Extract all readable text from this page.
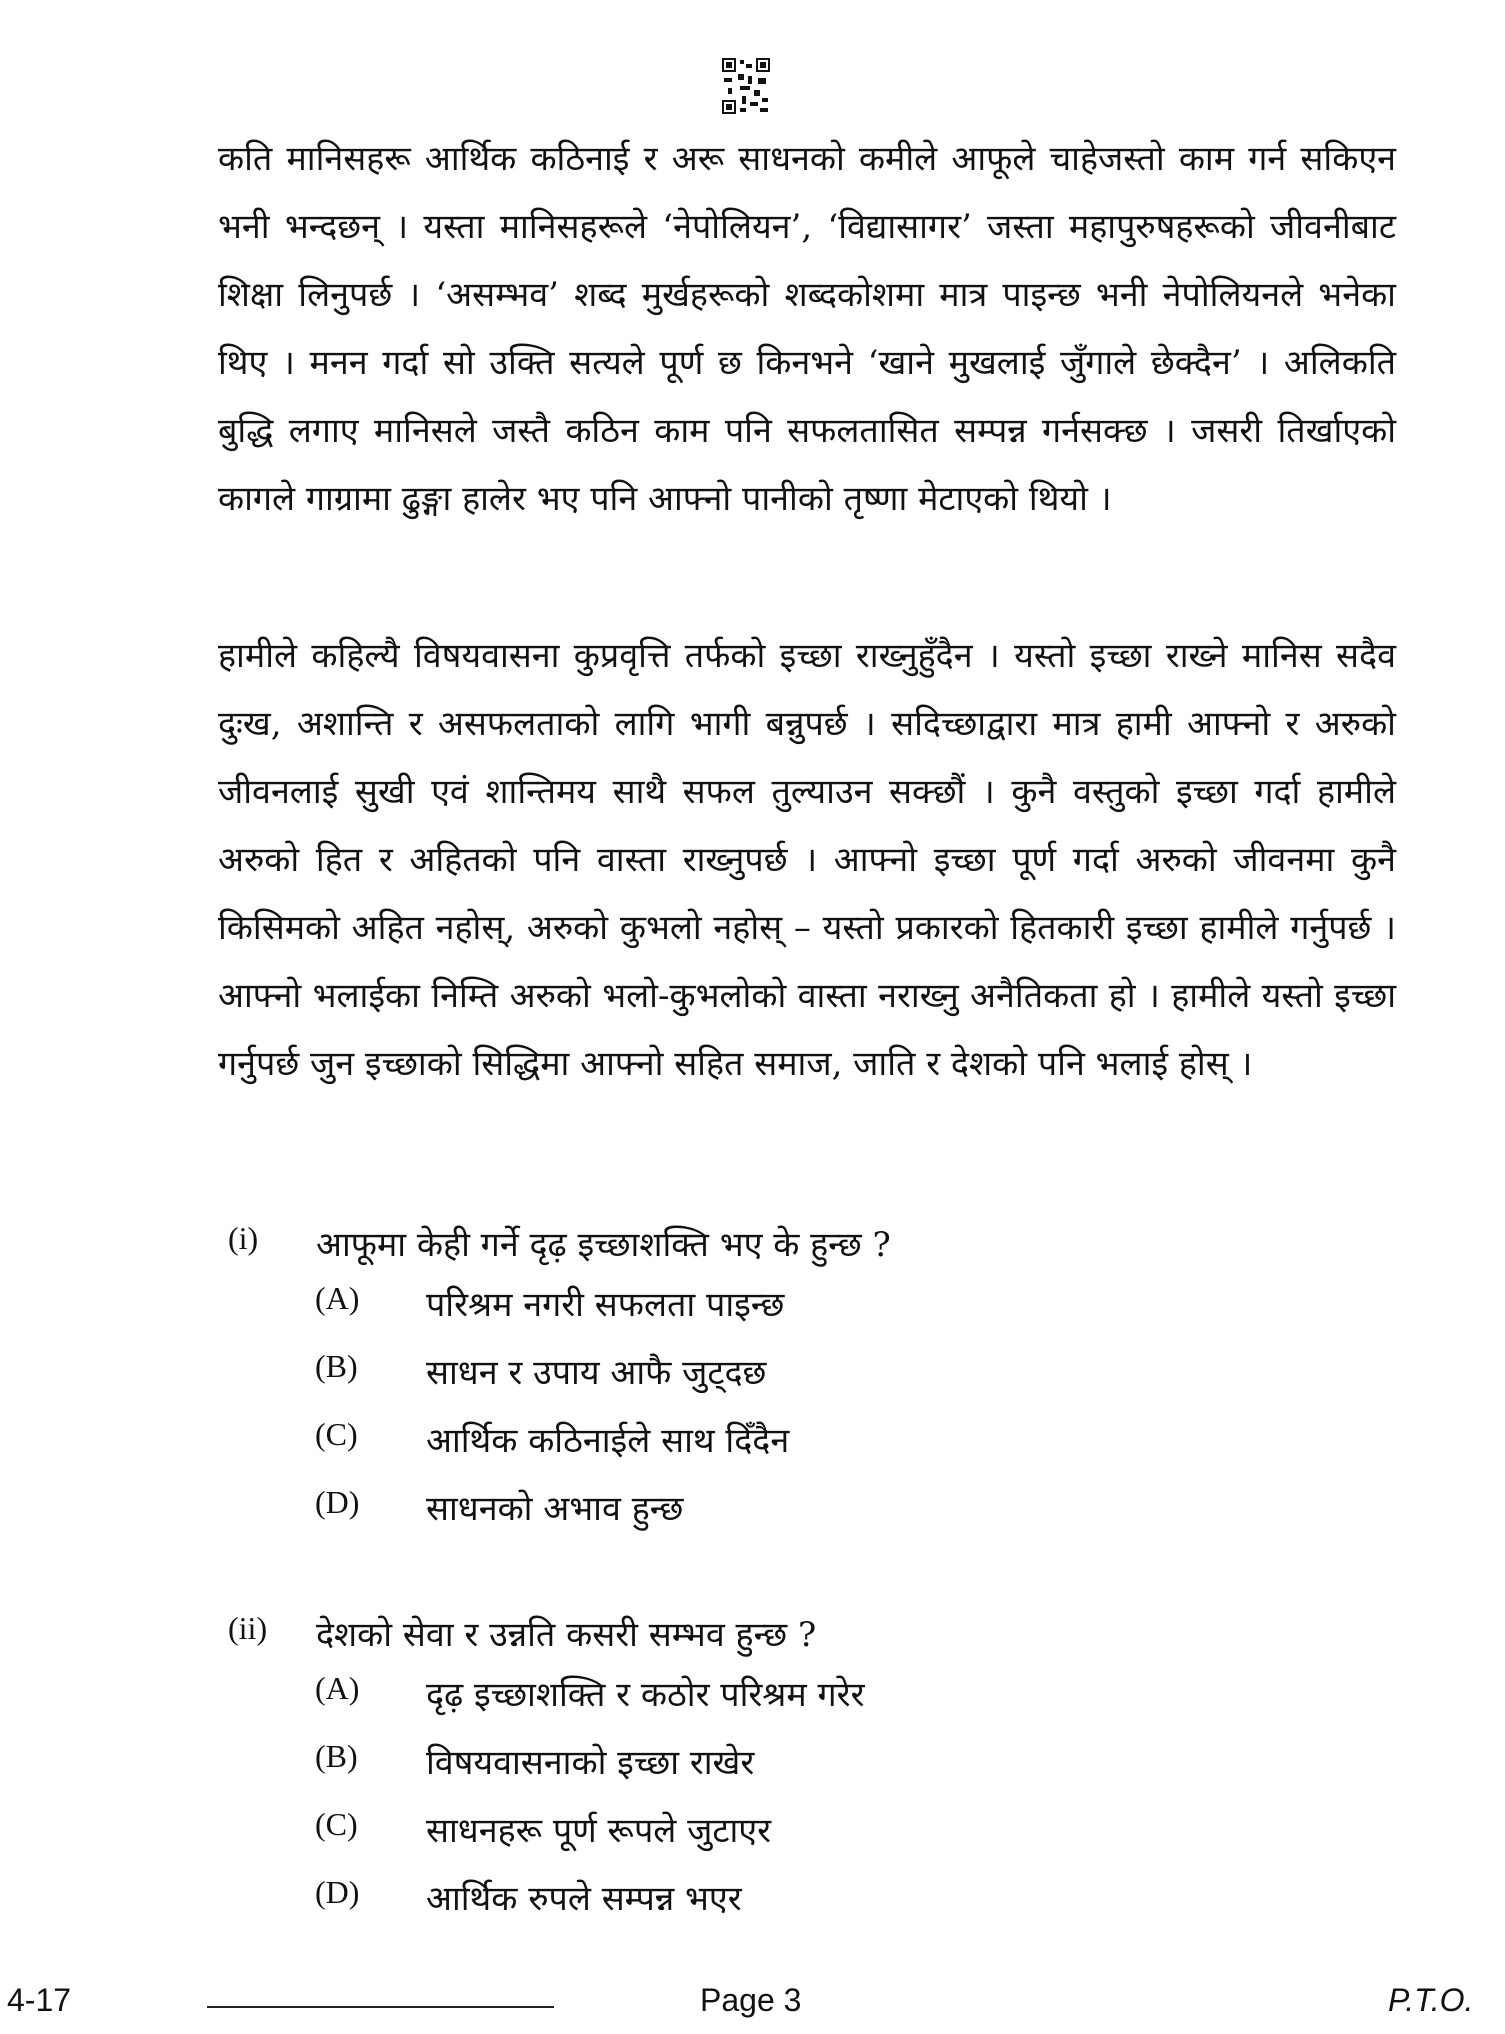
कति मानिसहरू आर्थिक कठिनाई र अरू साधनको कमीले आफूले चाहेजस्तो काम गर्न सकिएन भनी भन्दछन् । यस्ता मानिसहरूले ‘नेपोलियन’, ‘विद्यासागर’ जस्ता महापुरुषहरूको जीवनीबाट शिक्षा लिनुपर्छ । ‘असम्भव’ शब्द मुर्खहरूको शब्दकोशमा मात्र पाइन्छ भनी नेपोलियनले भनेका थिए । मनन गर्दा सो उक्ति सत्यले पूर्ण छ किनभने ‘खाने मुखलाई जुँगाले छेक्दैन’ । अलिकति बुद्धि लगाए मानिसले जस्तै कठिन काम पनि सफलतासित सम्पन्न गर्नसक्छ । जसरी तिर्खाएको कागले गाग्रामा ढुङ्गा हालेर भए पनि आफ्नो पानीको तृष्णा मेटाएको थियो ।

हामीले कहिल्यै विषयवासना कुप्रवृत्ति तर्फको इच्छा राख्नुहुँदैन । यस्तो इच्छा राख्ने मानिस सदैव दुःख, अशान्ति र असफलताको लागि भागी बन्नुपर्छ । सदिच्छाद्वारा मात्र हामी आफ्नो र अरुको जीवनलाई सुखी एवं शान्तिमय साथै सफल तुल्याउन सक्छौं । कुनै वस्तुको इच्छा गर्दा हामीले अरुको हित र अहितको पनि वास्ता राख्नुपर्छ । आफ्नो इच्छा पूर्ण गर्दा अरुको जीवनमा कुनै किसिमको अहित नहोस्, अरुको कुभलो नहोस् – यस्तो प्रकारको हितकारी इच्छा हामीले गर्नुपर्छ । आफ्नो भलाईका निम्ति अरुको भलो-कुभलोको वास्ता नराख्नु अनैतिकता हो । हामीले यस्तो इच्छा गर्नुपर्छ जुन इच्छाको सिद्धिमा आफ्नो सहित समाज, जाति र देशको पनि भलाई होस् ।

(i)	आफूमा केही गर्ने दृढ़ इच्छाशक्ति भए के हुन्छ ?
(A) परिश्रम नगरी सफलता पाइन्छ
(B) साधन र उपाय आफै जुट्दछ
(C) आर्थिक कठिनाईले साथ दिँदैन
(D) साधनको अभाव हुन्छ
(ii)	देशको सेवा र उन्नति कसरी सम्भव हुन्छ ?
(A) दृढ़ इच्छाशक्ति र कठोर परिश्रम गरेर
(B) विषयवासनाको इच्छा राखेर
(C) साधनहरू पूर्ण रूपले जुटाएर
(D) आर्थिक रुपले सम्पन्न भएर
4-17	Page 3	P.T.O.
